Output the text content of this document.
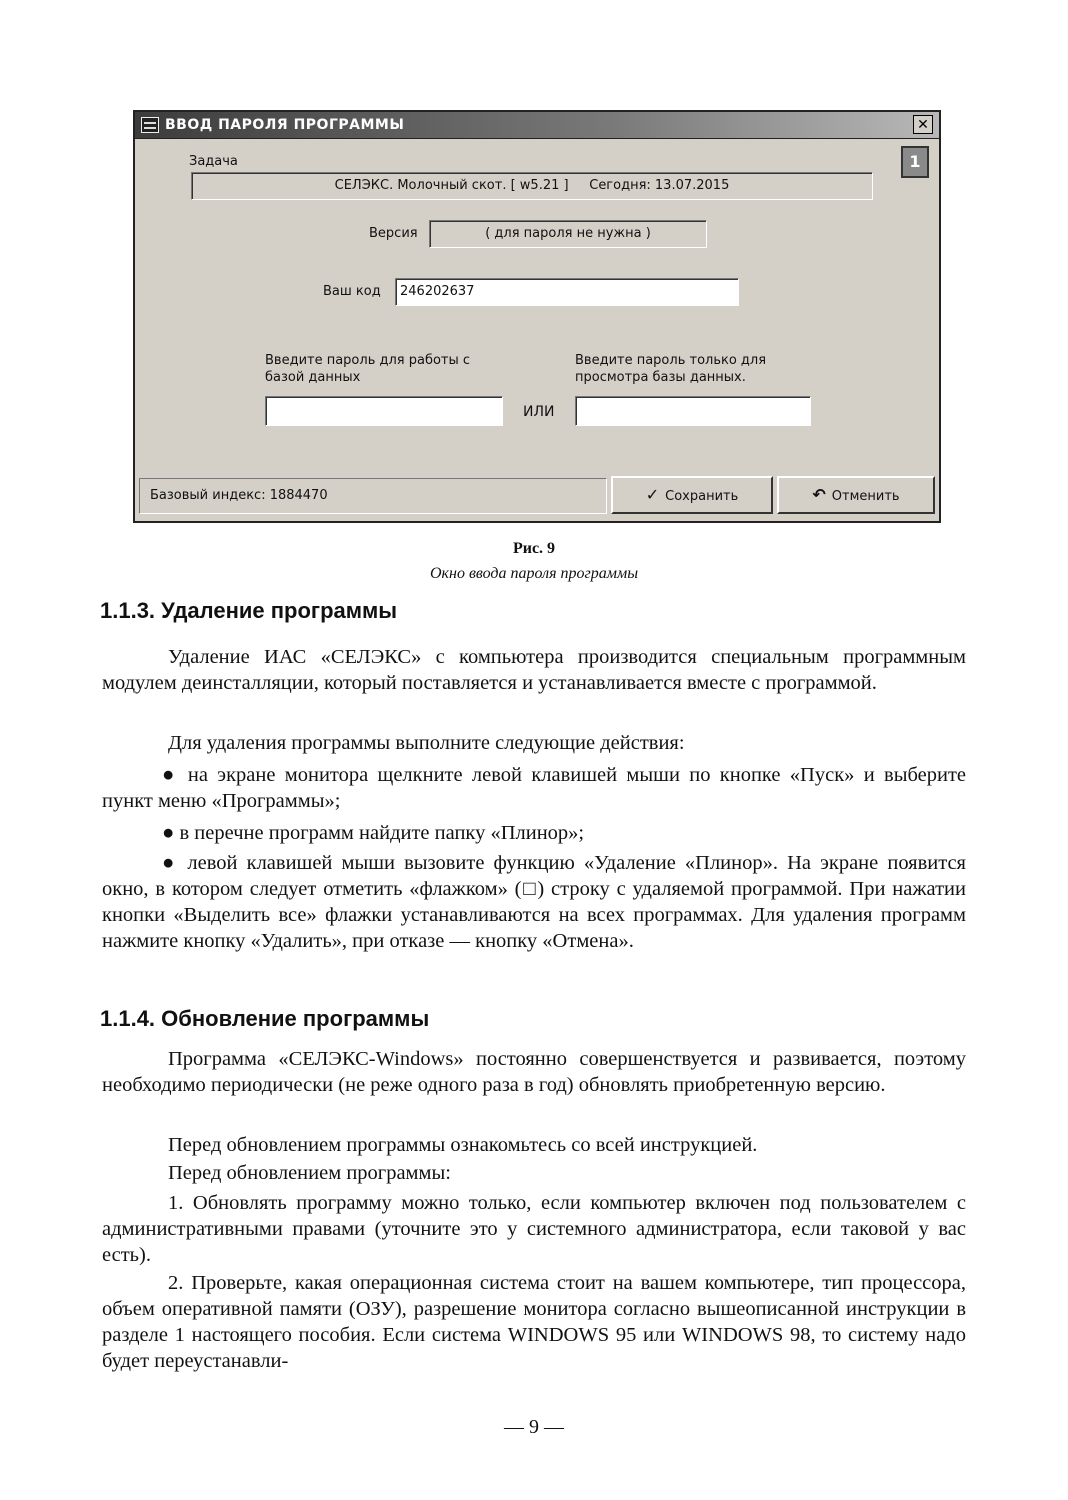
ВВОД ПАРОЛЯ ПРОГРАММЫ	✕
1
Задача
СЕЛЭКС. Молочный скот. [ w5.21 ]     Сегодня: 13.07.2015
Версия	( для пароля не нужна )
Ваш код	246202637
Введите пароль для работы с базой данных
ИЛИ
Введите пароль только для просмотра базы данных.
Базовый индекс: 1884470	✓ Сохранить	↶ Отменить
Рис. 9
Окно ввода пароля программы
1.1.3. Удаление программы

Удаление ИАС «СЕЛЭКС» с компьютера производится специальным программным модулем деинсталляции, который поставляется и устанавливается вместе с программой.

Для удаления программы выполните следующие действия:

● на экране монитора щелкните левой клавишей мыши по кнопке «Пуск» и выберите пункт меню «Программы»;

● в перечне программ найдите папку «Плинор»;

● левой клавишей мыши вызовите функцию «Удаление «Плинор». На экране появится окно, в котором следует отметить «флажком» (□) строку с удаляемой программой. При нажатии кнопки «Выделить все» флажки устанавливаются на всех программах. Для удаления программ нажмите кнопку «Удалить», при отказе — кнопку «Отмена».

1.1.4. Обновление программы

Программа «СЕЛЭКС-Windows» постоянно совершенствуется и развивается, поэтому необходимо периодически (не реже одного раза в год) обновлять приобретенную версию.

Перед обновлением программы ознакомьтесь со всей инструкцией.

Перед обновлением программы:

1. Обновлять программу можно только, если компьютер включен под пользователем с административными правами (уточните это у системного администратора, если таковой у вас есть).

2. Проверьте, какая операционная система стоит на вашем компьютере, тип процессора, объем оперативной памяти (ОЗУ), разрешение монитора согласно вышеописанной инструкции в разделе 1 настоящего пособия. Если система WINDOWS 95 или WINDOWS 98, то систему надо будет переустанавли-

— 9 —
